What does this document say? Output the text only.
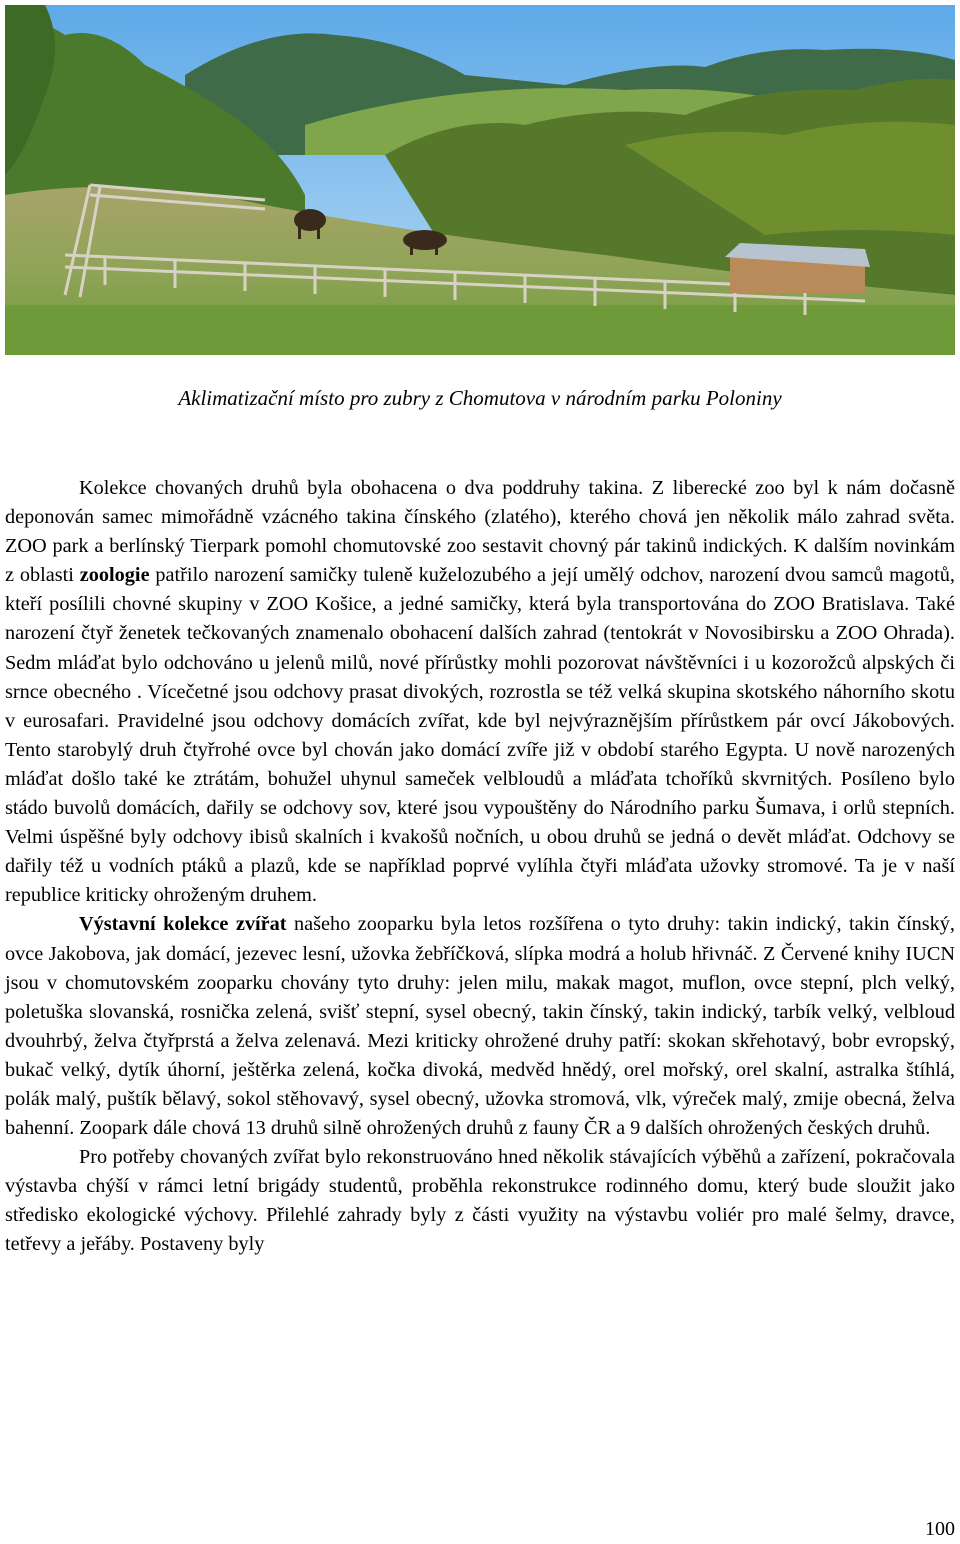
Aklimatizační místo pro zubry z Chomutova v národním parku Poloniny

Kolekce chovaných druhů byla obohacena o dva poddruhy takina. Z liberecké zoo byl k nám dočasně deponován samec mimořádně vzácného takina čínského (zlatého), kterého chová jen několik málo zahrad světa. ZOO park a berlínský Tierpark pomohl chomutovské zoo sestavit chovný pár takinů indických. K dalším novinkám z oblasti zoologie patřilo narození samičky tuleně kuželozubého a její umělý odchov, narození dvou samců magotů, kteří posílili chovné skupiny v ZOO Košice, a jedné samičky, která byla transportována do ZOO Bratislava. Také narození čtyř ženetek tečkovaných znamenalo obohacení dalších zahrad (tentokrát v Novosibirsku a ZOO Ohrada). Sedm mláďat bylo odchováno u jelenů milů, nové přírůstky mohli pozorovat návštěvníci i u kozorožců alpských či srnce obecného . Vícečetné jsou odchovy prasat divokých, rozrostla se též velká skupina skotského náhorního skotu v eurosafari. Pravidelné jsou odchovy domácích zvířat, kde byl nejvýraznějším přírůstkem pár ovcí Jákobových. Tento starobylý druh čtyřrohé ovce byl chován jako domácí zvíře již v období starého Egypta. U nově narozených mláďat došlo také ke ztrátám, bohužel uhynul sameček velbloudů a mláďata tchoříků skvrnitých. Posíleno bylo stádo buvolů domácích, dařily se odchovy sov, které jsou vypouštěny do Národního parku Šumava, i orlů stepních. Velmi úspěšné byly odchovy ibisů skalních i kvakošů nočních, u obou druhů se jedná o devět mláďat. Odchovy se dařily též u vodních ptáků a plazů, kde se například poprvé vylíhla čtyři mláďata užovky stromové. Ta je v naší republice kriticky ohroženým druhem.

Výstavní kolekce zvířat našeho zooparku byla letos rozšířena o tyto druhy: takin indický, takin čínský, ovce Jakobova, jak domácí, jezevec lesní, užovka žebříčková, slípka modrá a holub hřivnáč. Z Červené knihy IUCN jsou v chomutovském zooparku chovány tyto druhy: jelen milu, makak magot, muflon, ovce stepní, plch velký, poletuška slovanská, rosnička zelená, svišť stepní, sysel obecný, takin čínský, takin indický, tarbík velký, velbloud dvouhrbý, želva čtyřprstá a želva zelenavá. Mezi kriticky ohrožené druhy patří: skokan skřehotavý, bobr evropský, bukač velký, dytík úhorní, ještěrka zelená, kočka divoká, medvěd hnědý, orel mořský, orel skalní, astralka štíhlá, polák malý, puštík bělavý, sokol stěhovavý, sysel obecný, užovka stromová, vlk, výreček malý, zmije obecná, želva bahenní. Zoopark dále chová 13 druhů silně ohrožených druhů z fauny ČR a 9 dalších ohrožených českých druhů.

Pro potřeby chovaných zvířat bylo rekonstruováno hned několik stávajících výběhů a zařízení, pokračovala výstavba chýší v rámci letní brigády studentů, proběhla rekonstrukce rodinného domu, který bude sloužit jako středisko ekologické výchovy. Přilehlé zahrady byly z části využity na výstavbu voliér pro malé šelmy, dravce, tetřevy a jeřáby. Postaveny byly

100
